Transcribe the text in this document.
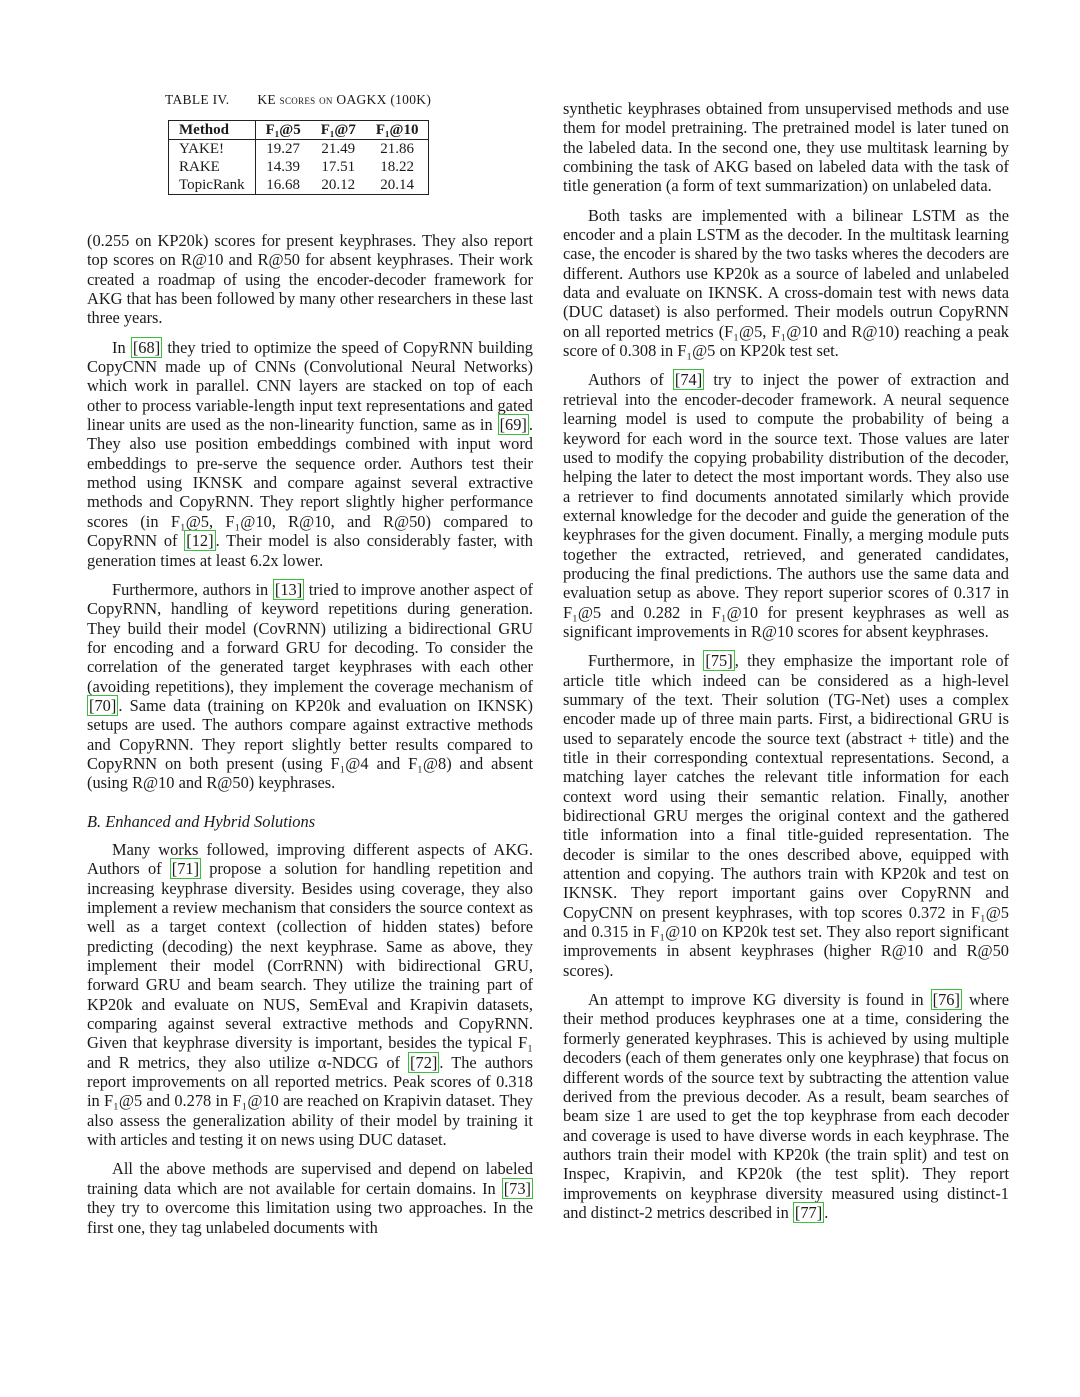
TABLE IV. KE scores on OAGKX (100K)
Method	F₁@5	F₁@7	F₁@10
YAKE!	19.27	21.49	21.86
RAKE	14.39	17.51	18.22
TopicRank	16.68	20.12	20.14

(0.255 on KP20k) scores for present keyphrases. They also report top scores on R@10 and R@50 for absent keyphrases. Their work created a roadmap of using the encoder-decoder framework for AKG that has been followed by many other researchers in these last three years.

In [68] they tried to optimize the speed of CopyRNN building CopyCNN made up of CNNs (Convolutional Neural Networks) which work in parallel. CNN layers are stacked on top of each other to process variable-length input text representations and gated linear units are used as the non-linearity function, same as in [69] . They also use position embeddings combined with input word embeddings to pre-serve the sequence order. Authors test their method using IKNSK and compare against several extractive methods and CopyRNN. They report slightly higher performance scores (in F₁@5, F₁@10, R@10, and R@50) compared to CopyRNN of [12] . Their model is also considerably faster, with generation times at least 6.2x lower.

Furthermore, authors in [13] tried to improve another aspect of CopyRNN, handling of keyword repetitions during generation. They build their model (CovRNN) utilizing a bidirectional GRU for encoding and a forward GRU for decoding. To consider the correlation of the generated target keyphrases with each other (avoiding repetitions), they implement the coverage mechanism of [70] . Same data (training on KP20k and evaluation on IKNSK) setups are used. The authors compare against extractive methods and CopyRNN. They report slightly better results compared to CopyRNN on both present (using F₁@4 and F₁@8) and absent (using R@10 and R@50) keyphrases.

B. Enhanced and Hybrid Solutions

Many works followed, improving different aspects of AKG. Authors of [71] propose a solution for handling repetition and increasing keyphrase diversity. Besides using coverage, they also implement a review mechanism that considers the source context as well as a target context (collection of hidden states) before predicting (decoding) the next keyphrase. Same as above, they implement their model (CorrRNN) with bidirectional GRU, forward GRU and beam search. They utilize the training part of KP20k and evaluate on NUS, SemEval and Krapivin datasets, comparing against several extractive methods and CopyRNN. Given that keyphrase diversity is important, besides the typical F₁ and R metrics, they also utilize α-NDCG of [72] . The authors report improvements on all reported metrics. Peak scores of 0.318 in F₁@5 and 0.278 in F₁@10 are reached on Krapivin dataset. They also assess the generalization ability of their model by training it with articles and testing it on news using DUC dataset.

All the above methods are supervised and depend on labeled training data which are not available for certain domains. In [73] they try to overcome this limitation using two approaches. In the first one, they tag unlabeled documents with

synthetic keyphrases obtained from unsupervised methods and use them for model pretraining. The pretrained model is later tuned on the labeled data. In the second one, they use multitask learning by combining the task of AKG based on labeled data with the task of title generation (a form of text summarization) on unlabeled data.

Both tasks are implemented with a bilinear LSTM as the encoder and a plain LSTM as the decoder. In the multitask learning case, the encoder is shared by the two tasks wheres the decoders are different. Authors use KP20k as a source of labeled and unlabeled data and evaluate on IKNSK. A cross-domain test with news data (DUC dataset) is also performed. Their models outrun CopyRNN on all reported metrics (F₁@5, F₁@10 and R@10) reaching a peak score of 0.308 in F₁@5 on KP20k test set.

Authors of [74] try to inject the power of extraction and retrieval into the encoder-decoder framework. A neural sequence learning model is used to compute the probability of being a keyword for each word in the source text. Those values are later used to modify the copying probability distribution of the decoder, helping the later to detect the most important words. They also use a retriever to find documents annotated similarly which provide external knowledge for the decoder and guide the generation of the keyphrases for the given document. Finally, a merging module puts together the extracted, retrieved, and generated candidates, producing the final predictions. The authors use the same data and evaluation setup as above. They report superior scores of 0.317 in F₁@5 and 0.282 in F₁@10 for present keyphrases as well as significant improvements in R@10 scores for absent keyphrases.

Furthermore, in [75] , they emphasize the important role of article title which indeed can be considered as a high-level summary of the text. Their solution (TG-Net) uses a complex encoder made up of three main parts. First, a bidirectional GRU is used to separately encode the source text (abstract + title) and the title in their corresponding contextual representations. Second, a matching layer catches the relevant title information for each context word using their semantic relation. Finally, another bidirectional GRU merges the original context and the gathered title information into a final title-guided representation. The decoder is similar to the ones described above, equipped with attention and copying. The authors train with KP20k and test on IKNSK. They report important gains over CopyRNN and CopyCNN on present keyphrases, with top scores 0.372 in F₁@5 and 0.315 in F₁@10 on KP20k test set. They also report significant improvements in absent keyphrases (higher R@10 and R@50 scores).

An attempt to improve KG diversity is found in [76] where their method produces keyphrases one at a time, considering the formerly generated keyphrases. This is achieved by using multiple decoders (each of them generates only one keyphrase) that focus on different words of the source text by subtracting the attention value derived from the previous decoder. As a result, beam searches of beam size 1 are used to get the top keyphrase from each decoder and coverage is used to have diverse words in each keyphrase. The authors train their model with KP20k (the train split) and test on Inspec, Krapivin, and KP20k (the test split). They report improvements on keyphrase diversity measured using distinct-1 and distinct-2 metrics described in [77] .
